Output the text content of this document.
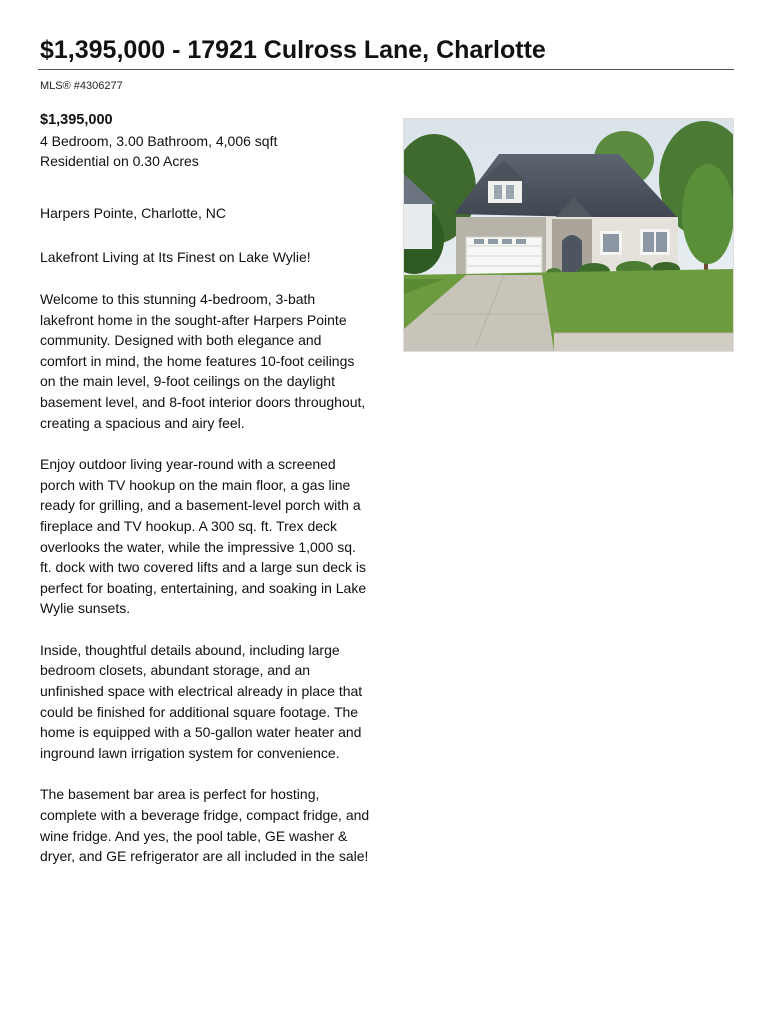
$1,395,000 - 17921 Culross Lane, Charlotte
MLS® #4306277
$1,395,000
4 Bedroom, 3.00 Bathroom, 4,006 sqft
Residential on 0.30 Acres
Harpers Pointe, Charlotte, NC
Lakefront Living at Its Finest on Lake Wylie!
Welcome to this stunning 4-bedroom, 3-bath lakefront home in the sought-after Harpers Pointe community. Designed with both elegance and comfort in mind, the home features 10-foot ceilings on the main level, 9-foot ceilings on the daylight basement level, and 8-foot interior doors throughout, creating a spacious and airy feel.
Enjoy outdoor living year-round with a screened porch with TV hookup on the main floor, a gas line ready for grilling, and a basement-level porch with a fireplace and TV hookup. A 300 sq. ft. Trex deck overlooks the water, while the impressive 1,000 sq. ft. dock with two covered lifts and a large sun deck is perfect for boating, entertaining, and soaking in Lake Wylie sunsets.
Inside, thoughtful details abound, including large bedroom closets, abundant storage, and an unfinished space with electrical already in place that could be finished for additional square footage. The home is equipped with a 50-gallon water heater and inground lawn irrigation system for convenience.
The basement bar area is perfect for hosting, complete with a beverage fridge, compact fridge, and wine fridge. And yes, the pool table, GE washer & dryer, and GE refrigerator are all included in the sale!
